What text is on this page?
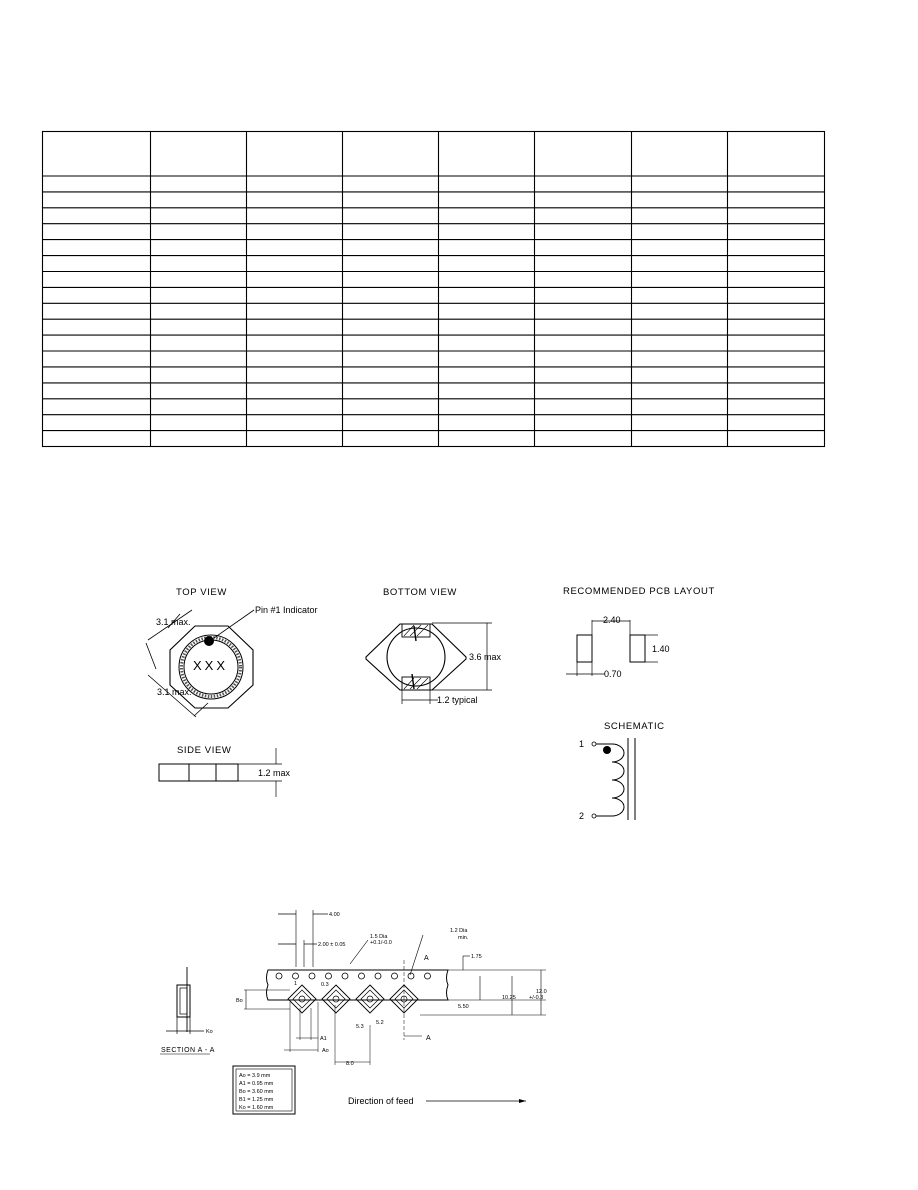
TOP VIEW
XXX
Pin #1 Indicator
3.1 max.
3.1 max.
BOTTOM VIEW
3.6 max
1.2 typical
RECOMMENDED PCB LAYOUT
2.40
1.40
0.70
SIDE VIEW
1.2 max
SCHEMATIC
1
2
Ko
SECTION A - A
4.00
2.00 ± 0.05
1.5 Dia
+0.1/-0.0
1.2 Dia
min.
A
A
1.75
5.50
10.25
12.0
+/-0.3
Bo
1	0.3
A1
Ao
8.0
5.3
5.2
Direction of feed
Ao = 3.9 mm
A1 = 0.95 mm
Bo = 3.60 mm
B1 = 1.25 mm
Ko = 1.60 mm
